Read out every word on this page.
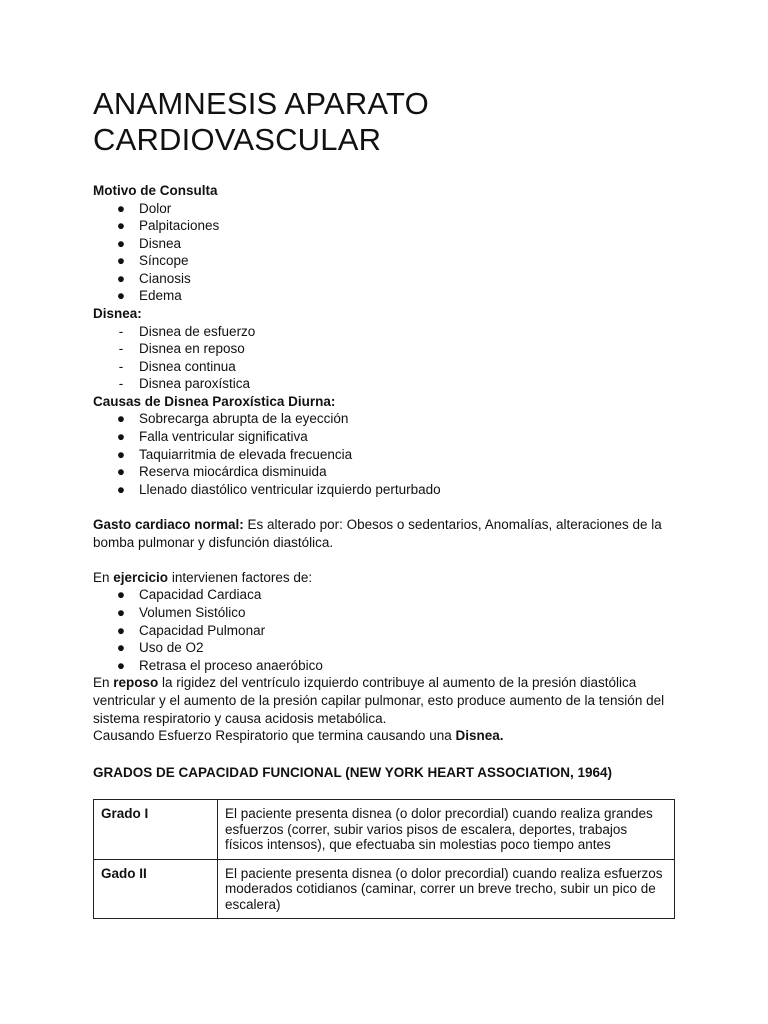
ANAMNESIS APARATO
CARDIOVASCULAR

Motivo de Consulta

● Dolor
● Palpitaciones
● Disnea
● Síncope
● Cianosis
● Edema

Disnea:

- Disnea de esfuerzo
- Disnea en reposo
- Disnea continua
- Disnea paroxística

Causas de Disnea Paroxística Diurna:

● Sobrecarga abrupta de la eyección
● Falla ventricular significativa
● Taquiarritmia de elevada frecuencia
● Reserva miocárdica disminuida
● Llenado diastólico ventricular izquierdo perturbado

Gasto cardiaco normal: Es alterado por: Obesos o sedentarios, Anomalías, alteraciones de la bomba pulmonar y disfunción diastólica.

En ejercicio intervienen factores de:

● Capacidad Cardiaca
● Volumen Sistólico
● Capacidad Pulmonar
● Uso de O2
● Retrasa el proceso anaeróbico

En reposo la rigidez del ventrículo izquierdo contribuye al aumento de la presión diastólica ventricular y el aumento de la presión capilar pulmonar, esto produce aumento de la tensión del sistema respiratorio y causa acidosis metabólica.

Causando Esfuerzo Respiratorio que termina causando una Disnea.

GRADOS DE CAPACIDAD FUNCIONAL (NEW YORK HEART ASSOCIATION, 1964)

Grado I	El paciente presenta disnea (o dolor precordial) cuando realiza grandes esfuerzos (correr, subir varios pisos de escalera, deportes, trabajos físicos intensos), que efectuaba sin molestias poco tiempo antes
Gado II	El paciente presenta disnea (o dolor precordial) cuando realiza esfuerzos moderados cotidianos (caminar, correr un breve trecho, subir un pico de escalera)
